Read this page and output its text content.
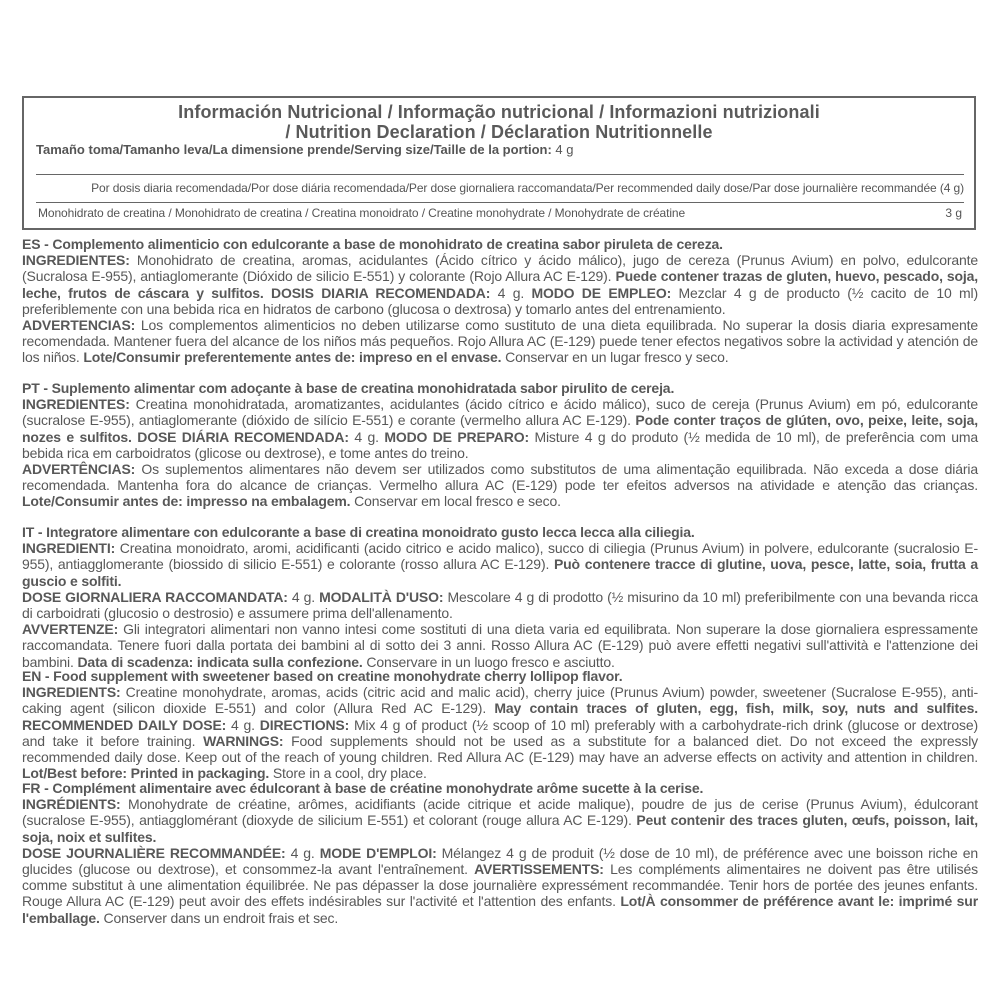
Información Nutricional / Informação nutricional / Informazioni nutrizionali
/ Nutrition Declaration / Déclaration Nutritionnelle
Tamaño toma/Tamanho leva/La dimensione prende/Serving size/Taille de la portion: 4 g
Por dosis diaria recomendada/Por dose diária recomendada/Per dose giornaliera raccomandata/Per recommended daily dose/Par dose journalière recommandée (4 g)
Monohidrato de creatina / Monohidrato de creatina / Creatina monoidrato / Creatine monohydrate / Monohydrate de créatine	3 g
ES - Complemento alimenticio con edulcorante a base de monohidrato de creatina sabor piruleta de cereza.
INGREDIENTES: Monohidrato de creatina, aromas, acidulantes (Ácido cítrico y ácido málico), jugo de cereza (Prunus Avium) en polvo, edulcorante (Sucralosa E-955), antiaglomerante (Dióxido de silicio E-551) y colorante (Rojo Allura AC E-129). Puede contener trazas de gluten, huevo, pescado, soja, leche, frutos de cáscara y sulfitos. DOSIS DIARIA RECOMENDADA: 4 g. MODO DE EMPLEO: Mezclar 4 g de producto (½ cacito de 10 ml) preferiblemente con una bebida rica en hidratos de carbono (glucosa o dextrosa) y tomarlo antes del entrenamiento.
ADVERTENCIAS: Los complementos alimenticios no deben utilizarse como sustituto de una dieta equilibrada. No superar la dosis diaria expresamente recomendada. Mantener fuera del alcance de los niños más pequeños. Rojo Allura AC (E-129) puede tener efectos negativos sobre la actividad y atención de los niños. Lote/Consumir preferentemente antes de: impreso en el envase. Conservar en un lugar fresco y seco.
PT - Suplemento alimentar com adoçante à base de creatina monohidratada sabor pirulito de cereja.
INGREDIENTES: Creatina monohidratada, aromatizantes, acidulantes (ácido cítrico e ácido málico), suco de cereja (Prunus Avium) em pó, edulcorante (sucralose E-955), antiaglomerante (dióxido de silício E-551) e corante (vermelho allura AC E-129). Pode conter traços de glúten, ovo, peixe, leite, soja, nozes e sulfitos. DOSE DIÁRIA RECOMENDADA: 4 g. MODO DE PREPARO: Misture 4 g do produto (½ medida de 10 ml), de preferência com uma bebida rica em carboidratos (glicose ou dextrose), e tome antes do treino.
ADVERTÊNCIAS: Os suplementos alimentares não devem ser utilizados como substitutos de uma alimentação equilibrada. Não exceda a dose diária recomendada. Mantenha fora do alcance de crianças. Vermelho allura AC (E-129) pode ter efeitos adversos na atividade e atenção das crianças. Lote/Consumir antes de: impresso na embalagem. Conservar em local fresco e seco.
IT - Integratore alimentare con edulcorante a base di creatina monoidrato gusto lecca lecca alla ciliegia.
INGREDIENTI: Creatina monoidrato, aromi, acidificanti (acido citrico e acido malico), succo di ciliegia (Prunus Avium) in polvere, edulcorante (sucralosio E-955), antiagglomerante (biossido di silicio E-551) e colorante (rosso allura AC E-129). Può contenere tracce di glutine, uova, pesce, latte, soia, frutta a guscio e solfiti.
DOSE GIORNALIERA RACCOMANDATA: 4 g. MODALITÀ D'USO: Mescolare 4 g di prodotto (½ misurino da 10 ml) preferibilmente con una bevanda ricca di carboidrati (glucosio o destrosio) e assumere prima dell'allenamento.
AVVERTENZE: Gli integratori alimentari non vanno intesi come sostituti di una dieta varia ed equilibrata. Non superare la dose giornaliera espressamente raccomandata. Tenere fuori dalla portata dei bambini al di sotto dei 3 anni. Rosso Allura AC (E-129) può avere effetti negativi sull'attività e l'attenzione dei bambini. Data di scadenza: indicata sulla confezione. Conservare in un luogo fresco e asciutto.
EN - Food supplement with sweetener based on creatine monohydrate cherry lollipop flavor.
INGREDIENTS: Creatine monohydrate, aromas, acids (citric acid and malic acid), cherry juice (Prunus Avium) powder, sweetener (Sucralose E-955), anti-caking agent (silicon dioxide E-551) and color (Allura Red AC E-129). May contain traces of gluten, egg, fish, milk, soy, nuts and sulfites. RECOMMENDED DAILY DOSE: 4 g. DIRECTIONS: Mix 4 g of product (½ scoop of 10 ml) preferably with a carbohydrate-rich drink (glucose or dextrose) and take it before training. WARNINGS: Food supplements should not be used as a substitute for a balanced diet. Do not exceed the expressly recommended daily dose. Keep out of the reach of young children. Red Allura AC (E-129) may have an adverse effects on activity and attention in children. Lot/Best before: Printed in packaging. Store in a cool, dry place.
FR - Complément alimentaire avec édulcorant à base de créatine monohydrate arôme sucette à la cerise.
INGRÉDIENTS: Monohydrate de créatine, arômes, acidifiants (acide citrique et acide malique), poudre de jus de cerise (Prunus Avium), édulcorant (sucralose E-955), antiagglomérant (dioxyde de silicium E-551) et colorant (rouge allura AC E-129). Peut contenir des traces gluten, œufs, poisson, lait, soja, noix et sulfites.
DOSE JOURNALIÈRE RECOMMANDÉE: 4 g. MODE D'EMPLOI: Mélangez 4 g de produit (½ dose de 10 ml), de préférence avec une boisson riche en glucides (glucose ou dextrose), et consommez-la avant l'entraînement. AVERTISSEMENTS: Les compléments alimentaires ne doivent pas être utilisés comme substitut à une alimentation équilibrée. Ne pas dépasser la dose journalière expressément recommandée. Tenir hors de portée des jeunes enfants. Rouge Allura AC (E-129) peut avoir des effets indésirables sur l'activité et l'attention des enfants. Lot/À consommer de préférence avant le: imprimé sur l'emballage. Conserver dans un endroit frais et sec.
